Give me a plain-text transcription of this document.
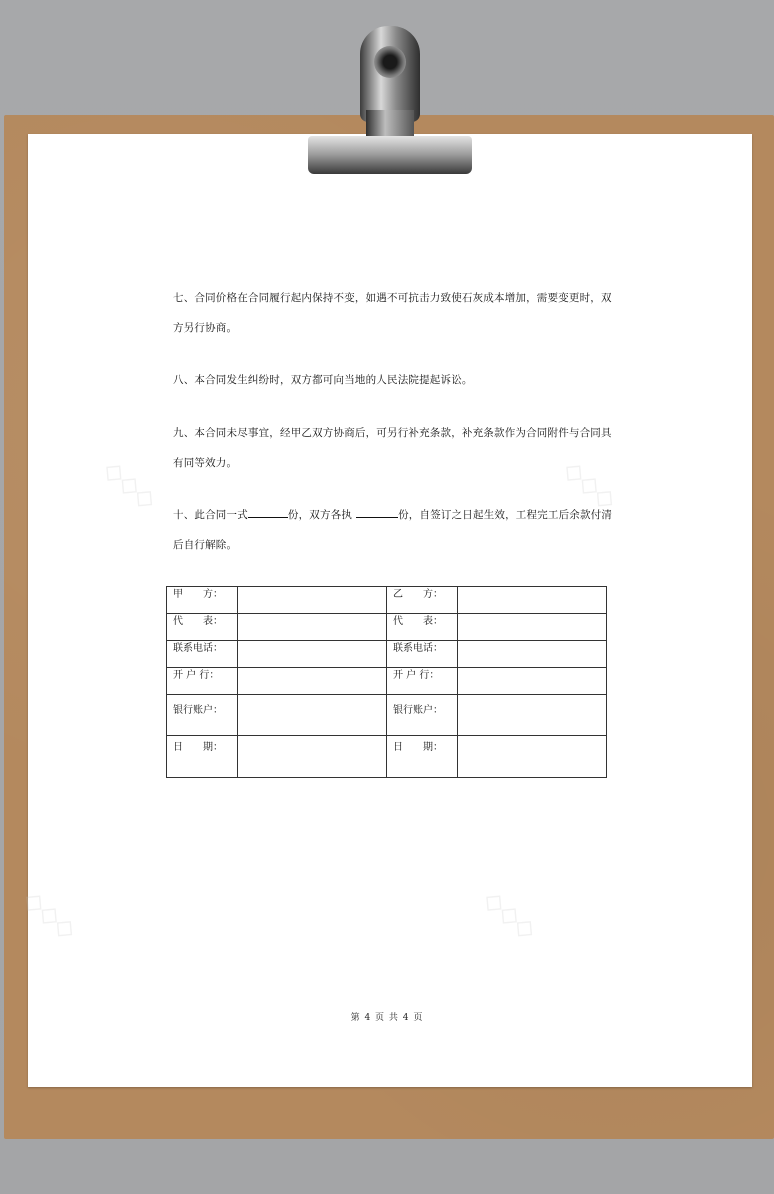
◇◇◇	◇◇◇
◇◇◇	◇◇◇
七、合同价格在合同履行起内保持不变，如遇不可抗击力致使石灰成本增加，需要变更时，双方另行协商。
八、本合同发生纠纷时，双方都可向当地的人民法院提起诉讼。
九、本合同未尽事宜，经甲乙双方协商后，可另行补充条款，补充条款作为合同附件与合同具有同等效力。
十、此合同一式	份，双方各执	份，自签订之日起生效，工程完工后余款付清后自行解除。
甲　　方：		乙　　方：	
代　　表：		代　　表：	
联系电话：		联系电话：	
开 户 行：		开 户 行：	
银行账户：		银行账户：	
日　　期：		日　　期：	
第 4 页 共 4 页
